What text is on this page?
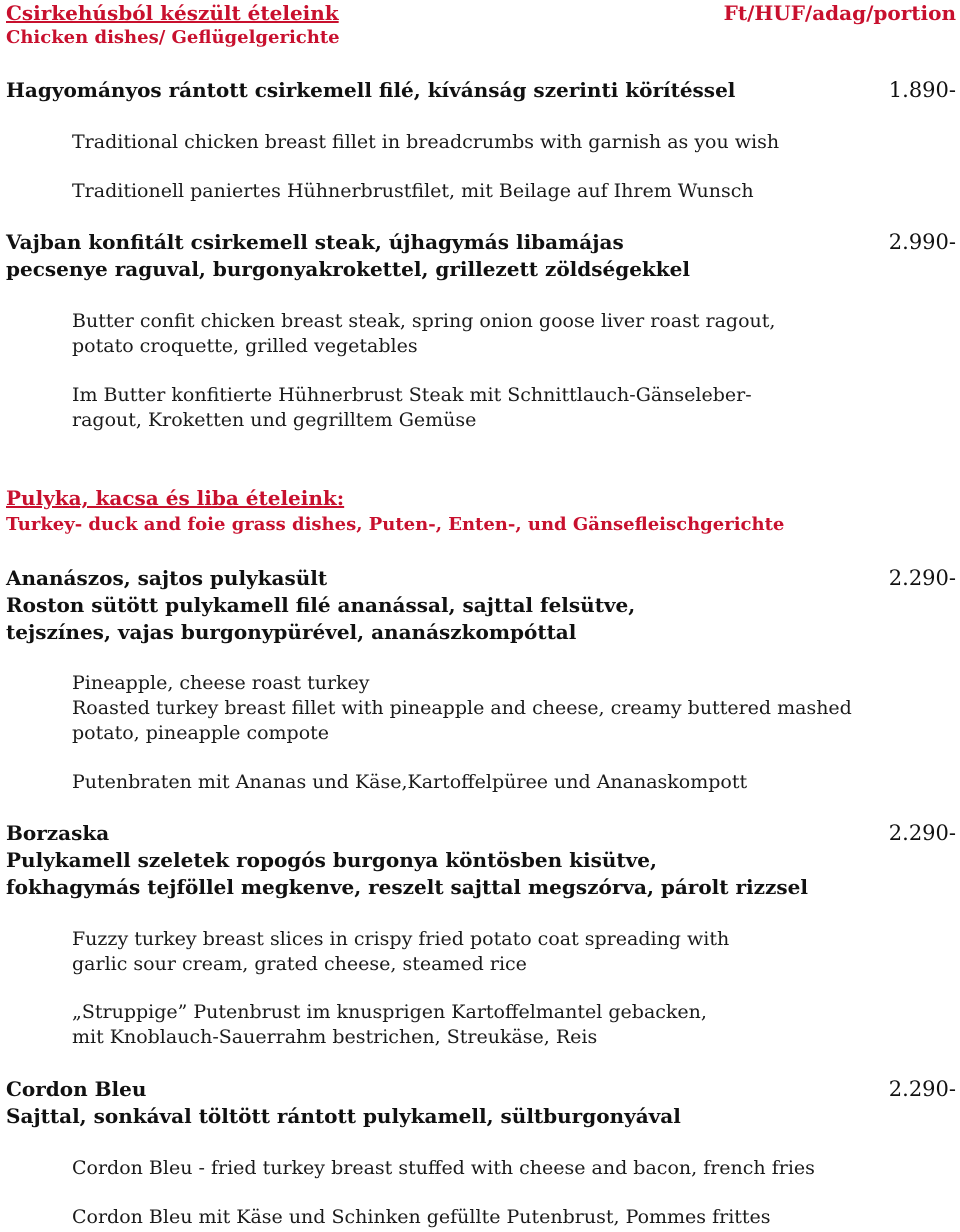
Csirkehúsból készült ételeink
Chicken dishes/ Geflügelgerichte
Ft/HUF/adag/portion
Hagyományos rántott csirkemell filé, kívánság szerinti körítéssel	1.890-
Traditional chicken breast fillet in breadcrumbs with garnish as you wish
Traditionell paniertes Hühnerbrustfilet, mit Beilage auf Ihrem Wunsch
Vajban konfitált csirkemell steak, újhagymás libamájas
pecsenye raguval, burgonyakrokettel, grillezett zöldségekkel
2.990-
Butter confit chicken breast steak, spring onion goose liver roast ragout,
potato croquette, grilled vegetables
Im Butter konfitierte Hühnerbrust Steak mit Schnittlauch-Gänseleber-
ragout, Kroketten und gegrilltem Gemüse
Pulyka, kacsa és liba ételeink:
Turkey- duck and foie grass dishes, Puten-, Enten-, und Gänsefleischgerichte
Ananászos, sajtos pulykasült	2.290-
Roston sütött pulykamell filé ananással, sajttal felsütve,
tejszínes, vajas burgonypürével, ananászkompóttal
Pineapple, cheese roast turkey
Roasted turkey breast fillet with pineapple and cheese, creamy buttered mashed
potato, pineapple compote
Putenbraten mit Ananas und Käse,Kartoffelpüree und Ananaskompott
Borzaska	2.290-
Pulykamell szeletek ropogós burgonya köntösben kisütve,
fokhagymás tejföllel megkenve, reszelt sajttal megszórva, párolt rizzsel
Fuzzy turkey breast slices in crispy fried potato coat spreading with
garlic sour cream, grated cheese, steamed rice
„Struppige” Putenbrust im knusprigen Kartoffelmantel gebacken,
mit Knoblauch-Sauerrahm bestrichen, Streukäse, Reis
Cordon Bleu	2.290-
Sajttal, sonkával töltött rántott pulykamell, sültburgonyával
Cordon Bleu - fried turkey breast stuffed with cheese and bacon, french fries
Cordon Bleu mit Käse und Schinken gefüllte Putenbrust, Pommes frittes
